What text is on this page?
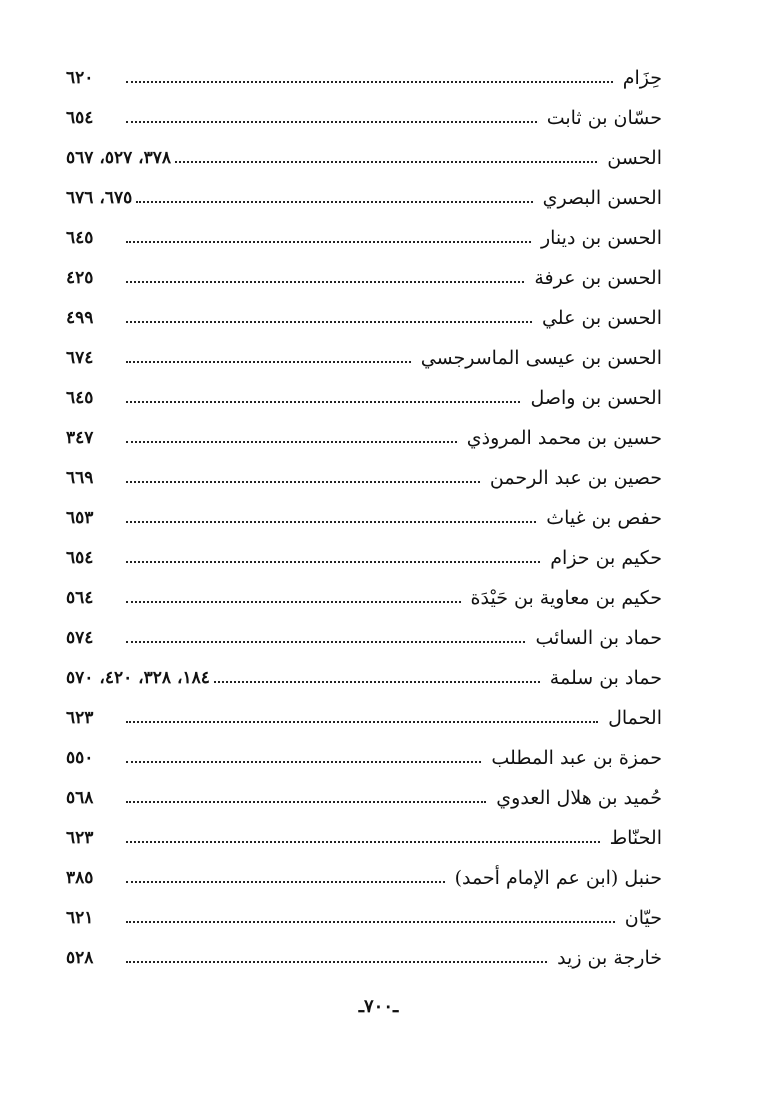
حِزَام
٦٢٠
حسّان بن ثابت
٦٥٤
الحسن
٣٧٨، ٥٢٧، ٥٦٧
الحسن البصري
٦٧٥، ٦٧٦
الحسن بن دينار
٦٤٥
الحسن بن عرفة
٤٢٥
الحسن بن علي
٤٩٩
الحسن بن عيسى الماسرجسي
٦٧٤
الحسن بن واصل
٦٤٥
حسين بن محمد المروذي
٣٤٧
حصين بن عبد الرحمن
٦٦٩
حفص بن غياث
٦٥٣
حكيم بن حزام
٦٥٤
حكيم بن معاوية بن حَيْدَة
٥٦٤
حماد بن السائب
٥٧٤
حماد بن سلمة
١٨٤، ٣٢٨، ٤٢٠، ٥٧٠
الحمال
٦٢٣
حمزة بن عبد المطلب
٥٥٠
حُميد بن هلال العدوي
٥٦٨
الحنّاط
٦٢٣
حنبل (ابن عم الإمام أحمد)
٣٨٥
حيّان
٦٢١
خارجة بن زيد
٥٢٨
ـ٧٠٠ـ
